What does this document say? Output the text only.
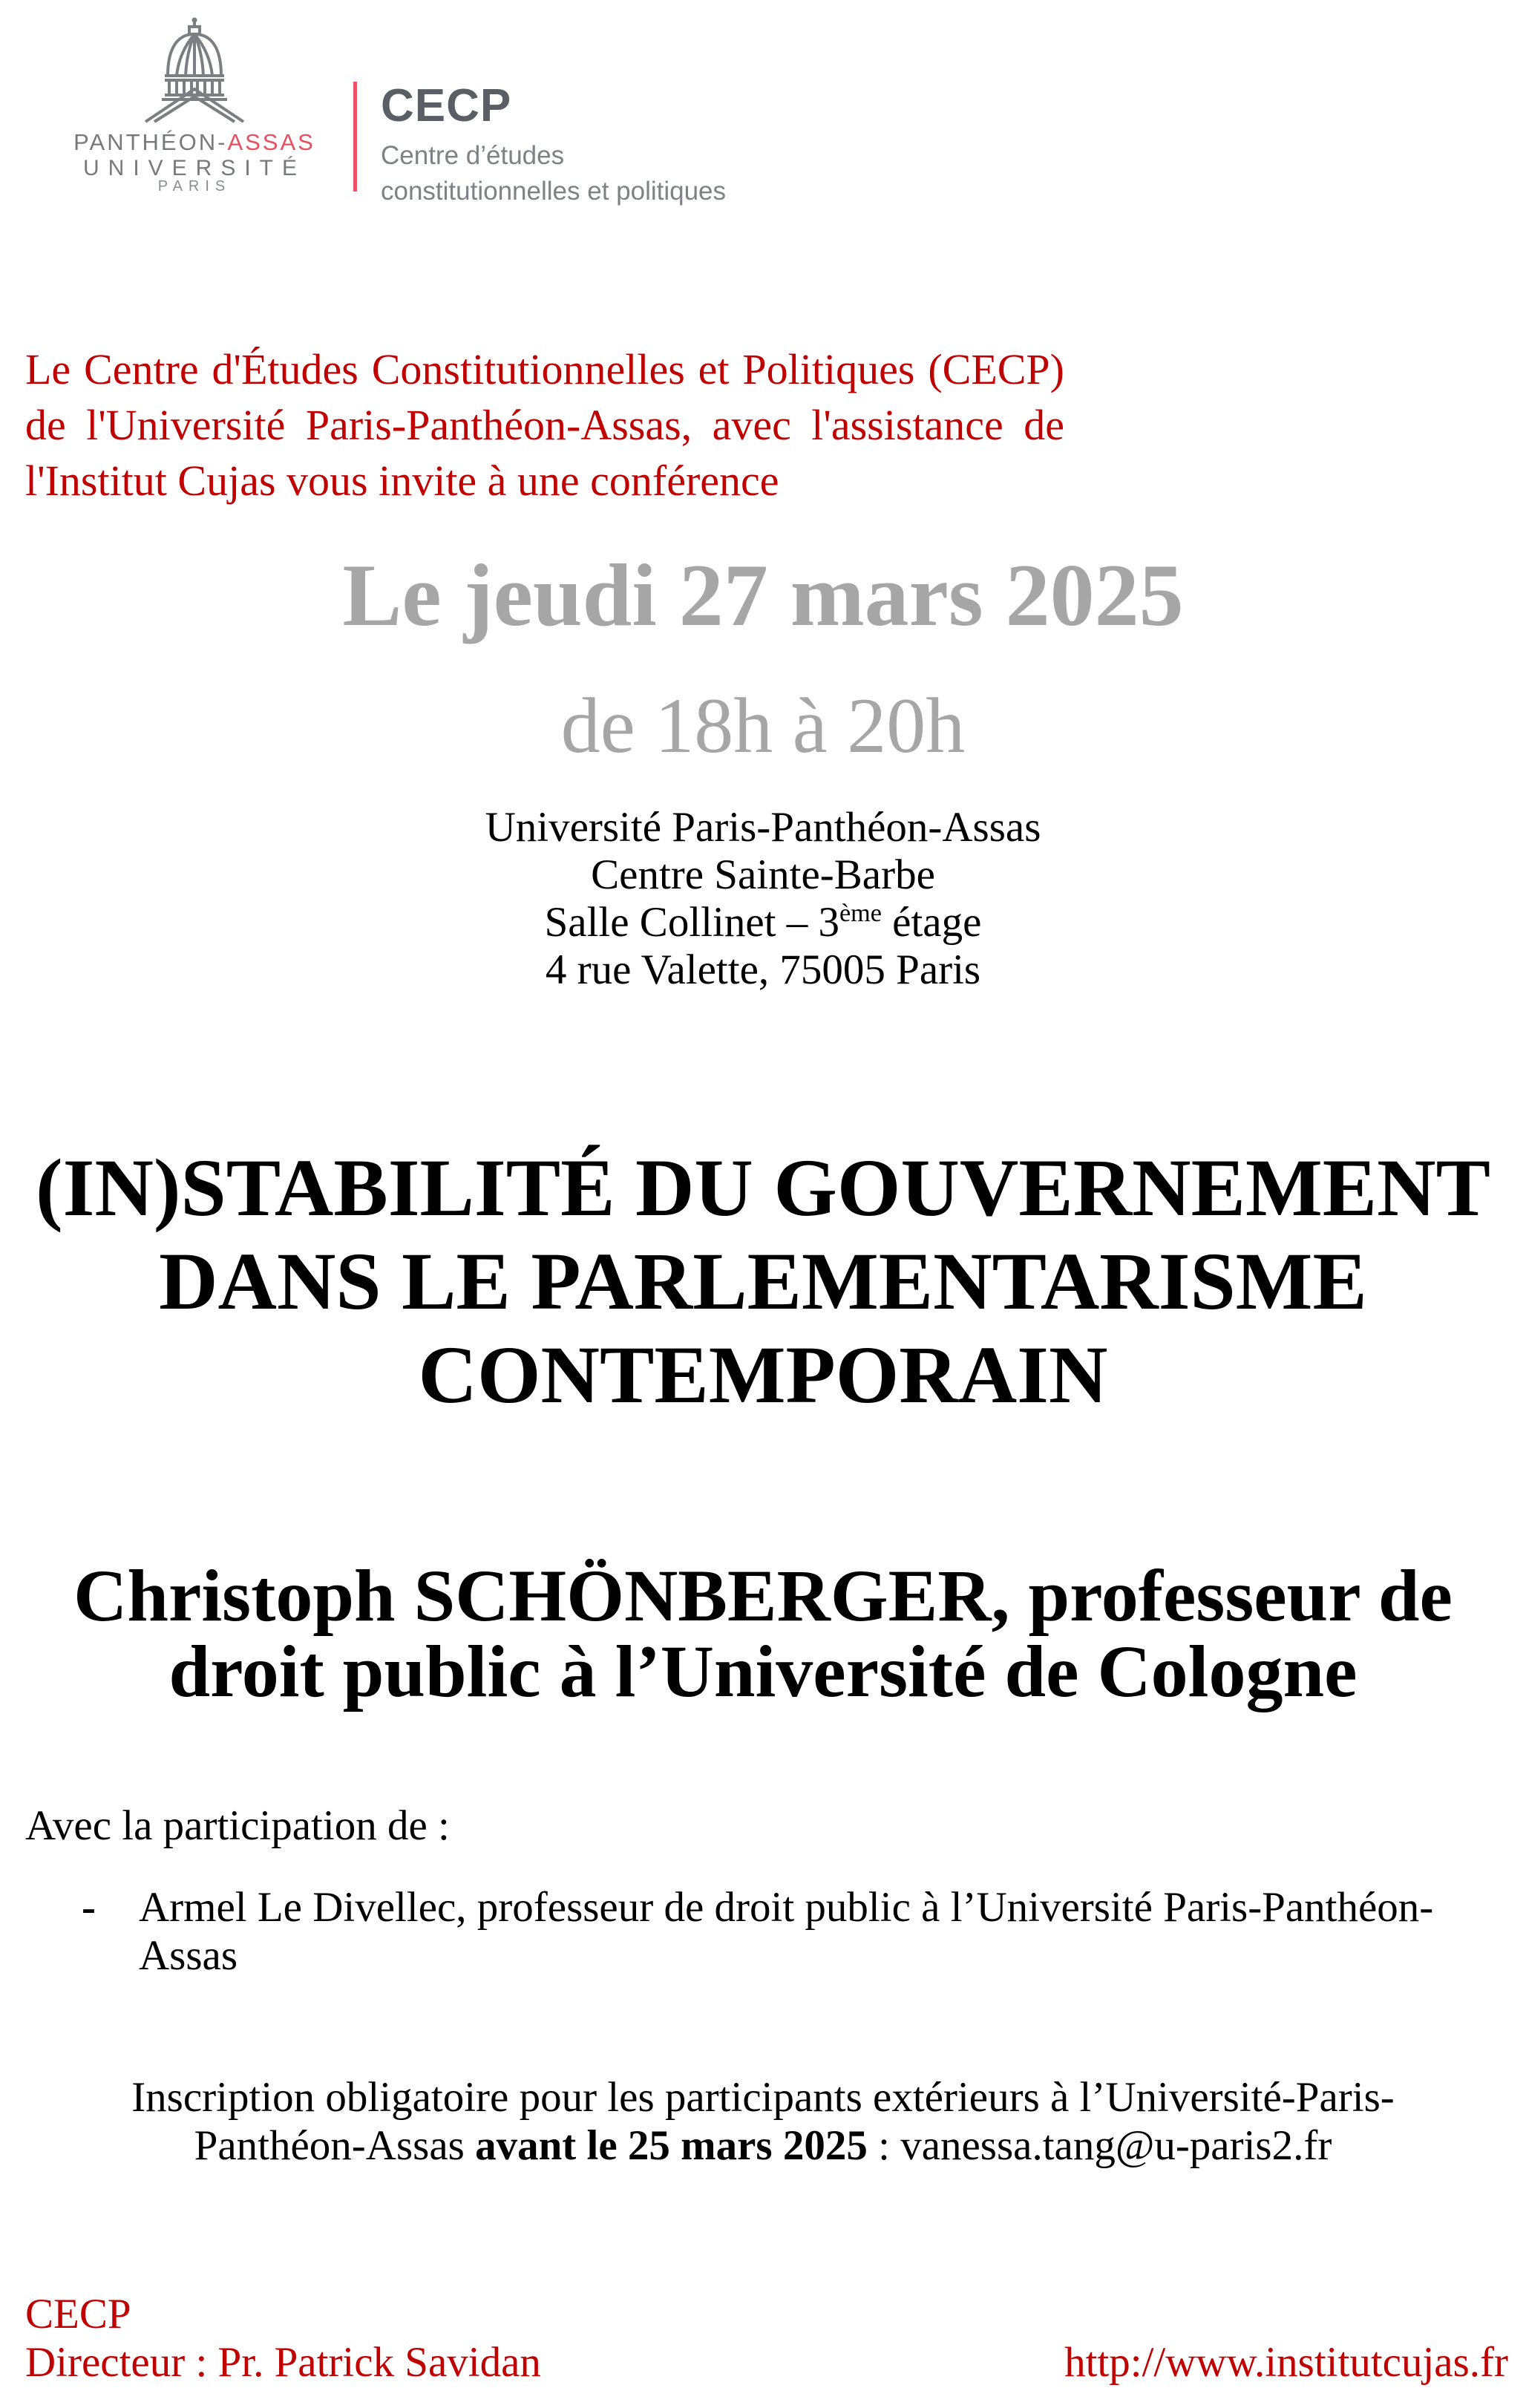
PANTHÉON-ASSAS
UNIVERSITÉ
PARIS
CECP
Centre d’études
constitutionnelles et politiques

Le Centre d'Études Constitutionnelles et Politiques (CECP) de l'Université Paris-Panthéon-Assas, avec l'assistance de l'Institut Cujas vous invite à une conférence

Le jeudi 27 mars 2025
de 18h à 20h
Université Paris-Panthéon-Assas
Centre Sainte-Barbe
Salle Collinet – 3ème étage
4 rue Valette, 75005 Paris
(IN)STABILITÉ DU GOUVERNEMENT
DANS LE PARLEMENTARISME
CONTEMPORAIN
Christoph SCHÖNBERGER, professeur de
droit public à l’Université de Cologne
Avec la participation de :
- Armel Le Divellec, professeur de droit public à l’Université Paris-Panthéon-Assas

Inscription obligatoire pour les participants extérieurs à l’Université-Paris-Panthéon-Assas avant le 25 mars 2025 : vanessa.tang@u-paris2.fr

CECP
Directeur : Pr. Patrick Savidan	http://www.institutcujas.fr
